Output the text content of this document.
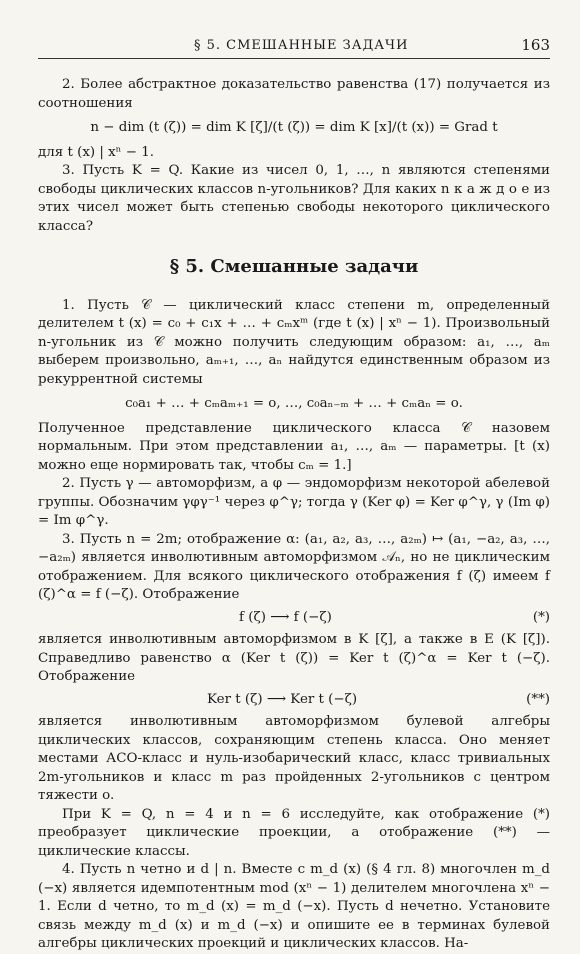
§ 5. СМЕШАННЫЕ ЗАДАЧИ	163

2. Более абстрактное доказательство равенства (17) получается из соотношения

n − dim (t (ζ)) = dim K [ζ]/(t (ζ)) = dim K [x]/(t (x)) = Grad t

для t (x) | xⁿ − 1.

3. Пусть K = Q. Какие из чисел 0, 1, …, n являются степенями свободы циклических классов n-угольников? Для каких n к а ж д о е из этих чисел может быть степенью свободы некоторого циклического класса?

§ 5. Смешанные задачи

1. Пусть 𝒞 — циклический класс степени m, определенный делителем t (x) = c₀ + c₁x + … + cₘxᵐ (где t (x) | xⁿ − 1). Произвольный n-угольник из 𝒞 можно получить следующим образом: a₁, …, aₘ выберем произвольно, aₘ₊₁, …, aₙ найдутся единственным образом из рекуррентной системы

c₀a₁ + … + cₘaₘ₊₁ = o, …, c₀aₙ₋ₘ + … + cₘaₙ = o.

Полученное представление циклического класса 𝒞 назовем нормальным. При этом представлении a₁, …, aₘ — параметры. [t (x) можно еще нормировать так, чтобы cₘ = 1.]

2. Пусть γ — автоморфизм, а φ — эндоморфизм некоторой абелевой группы. Обозначим γφγ⁻¹ через φ^γ; тогда γ (Ker φ) = Ker φ^γ, γ (Im φ) = Im φ^γ.

3. Пусть n = 2m; отображение α: (a₁, a₂, a₃, …, a₂ₘ) ↦ (a₁, −a₂, a₃, …, −a₂ₘ) является инволютивным автоморфизмом 𝒜ₙ, но не циклическим отображением. Для всякого циклического отображения f (ζ) имеем f (ζ)^α = f (−ζ). Отображение

f (ζ) ⟶ f (−ζ)	(*)

является инволютивным автоморфизмом в K [ζ], а также в E (K [ζ]). Справедливо равенство α (Ker t (ζ)) = Ker t (ζ)^α = Ker t (−ζ). Отображение

Ker t (ζ) ⟶ Ker t (−ζ)	(**)

является инволютивным автоморфизмом булевой алгебры циклических классов, сохраняющим степень класса. Оно меняет местами АСО-класс и нуль-изобарический класс, класс тривиальных 2m-угольников и класс m раз пройденных 2-угольников с центром тяжести o.

При K = Q, n = 4 и n = 6 исследуйте, как отображение (*) преобразует циклические проекции, а отображение (**) — циклические классы.

4. Пусть n четно и d | n. Вместе с m_d (x) (§ 4 гл. 8) многочлен m_d (−x) является идемпотентным mod (xⁿ − 1) делителем многочлена xⁿ − 1. Если d четно, то m_d (x) = m_d (−x). Пусть d нечетно. Установите связь между m_d (x) и m_d (−x) и опишите ее в терминах булевой алгебры циклических проекций и циклических классов. На-
